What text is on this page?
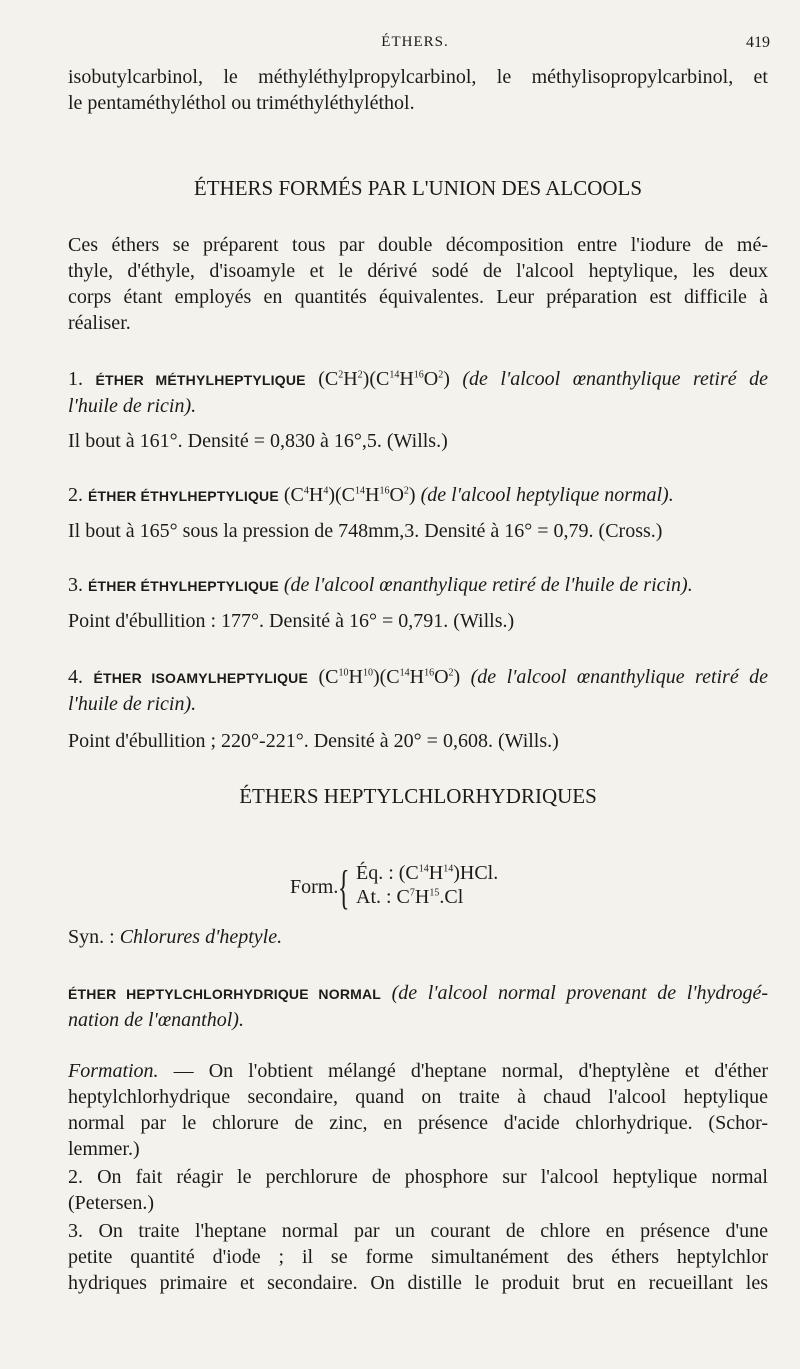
ÉTHERS.	419
isobutylcarbinol, le méthyléthylpropylcarbinol, le méthylisopropylcarbinol, et
le pentaméthyléthol ou triméthyléthyléthol.
ÉTHERS FORMÉS PAR L'UNION DES ALCOOLS
Ces éthers se préparent tous par double décomposition entre l'iodure de mé-
thyle, d'éthyle, d'isoamyle et le dérivé sodé de l'alcool heptylique, les deux
corps étant employés en quantités équivalentes. Leur préparation est difficile à
réaliser.
1. ÉTHER MÉTHYLHEPTYLIQUE $(C^2H^2)(C^{14}H^{16}O^2)$ (de l'alcool œnanthylique retiré de
l'huile de ricin).
Il bout à 161°. Densité = 0,830 à 16°,5. (Wills.)
2. ÉTHER ÉTHYLHEPTYLIQUE $(C^4H^4)(C^{14}H^{16}O^2)$ (de l'alcool heptylique normal).
Il bout à 165° sous la pression de 748mm,3. Densité à 16° = 0,79. (Cross.)
3. ÉTHER ÉTHYLHEPTYLIQUE (de l'alcool œnanthylique retiré de l'huile de ricin).
Point d'ébullition : 177°. Densité à 16° = 0,791. (Wills.)
4. ÉTHER ISOAMYLHEPTYLIQUE $(C^{10}H^{10})(C^{14}H^{16}O^2)$ (de l'alcool œnanthylique retiré de
l'huile de ricin).
Point d'ébullition ; 220°-221°. Densité à 20° = 0,608. (Wills.)
ÉTHERS HEPTYLCHLORHYDRIQUES
Form. { Éq. : $(C^{14}H^{14})HCl$.
At. : $C^7H^{15}.Cl$
Syn. : Chlorures d'heptyle.
ÉTHER HEPTYLCHLORHYDRIQUE NORMAL (de l'alcool normal provenant de l'hydrogé-
nation de l'œnanthol).
Formation. — On l'obtient mélangé d'heptane normal, d'heptylène et d'éther
heptylchlorhydrique secondaire, quand on traite à chaud l'alcool heptylique
normal par le chlorure de zinc, en présence d'acide chlorhydrique. (Schor-
lemmer.)
2. On fait réagir le perchlorure de phosphore sur l'alcool heptylique normal
(Petersen.)
3. On traite l'heptane normal par un courant de chlore en présence d'une
petite quantité d'iode ; il se forme simultanément des éthers heptylchlor
hydriques primaire et secondaire. On distille le produit brut en recueillant les
